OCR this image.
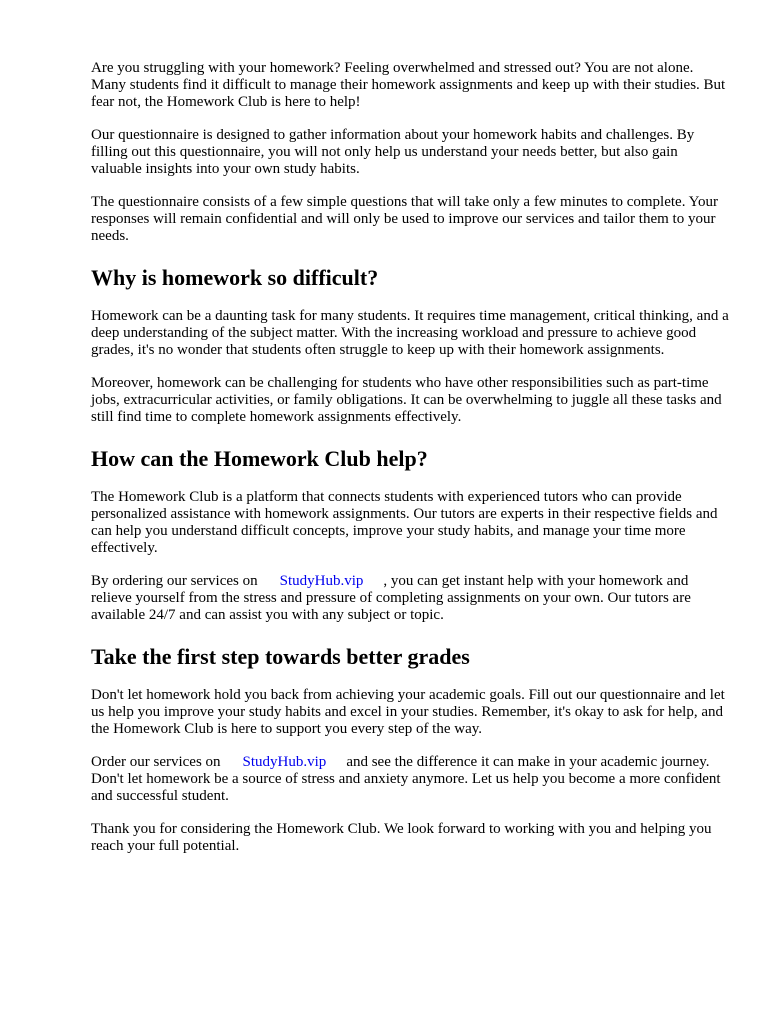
Are you struggling with your homework? Feeling overwhelmed and stressed out? You are not alone. Many students find it difficult to manage their homework assignments and keep up with their studies. But fear not, the Homework Club is here to help!

Our questionnaire is designed to gather information about your homework habits and challenges. By filling out this questionnaire, you will not only help us understand your needs better, but also gain valuable insights into your own study habits.

The questionnaire consists of a few simple questions that will take only a few minutes to complete. Your responses will remain confidential and will only be used to improve our services and tailor them to your needs.

Why is homework so difficult?

Homework can be a daunting task for many students. It requires time management, critical thinking, and a deep understanding of the subject matter. With the increasing workload and pressure to achieve good grades, it's no wonder that students often struggle to keep up with their homework assignments.

Moreover, homework can be challenging for students who have other responsibilities such as part-time jobs, extracurricular activities, or family obligations. It can be overwhelming to juggle all these tasks and still find time to complete homework assignments effectively.

How can the Homework Club help?

The Homework Club is a platform that connects students with experienced tutors who can provide personalized assistance with homework assignments. Our tutors are experts in their respective fields and can help you understand difficult concepts, improve your study habits, and manage your time more effectively.

By ordering our services on StudyHub.vip , you can get instant help with your homework and relieve yourself from the stress and pressure of completing assignments on your own. Our tutors are available 24/7 and can assist you with any subject or topic.

Take the first step towards better grades

Don't let homework hold you back from achieving your academic goals. Fill out our questionnaire and let us help you improve your study habits and excel in your studies. Remember, it's okay to ask for help, and the Homework Club is here to support you every step of the way.

Order our services on StudyHub.vip and see the difference it can make in your academic journey. Don't let homework be a source of stress and anxiety anymore. Let us help you become a more confident and successful student.

Thank you for considering the Homework Club. We look forward to working with you and helping you reach your full potential.
